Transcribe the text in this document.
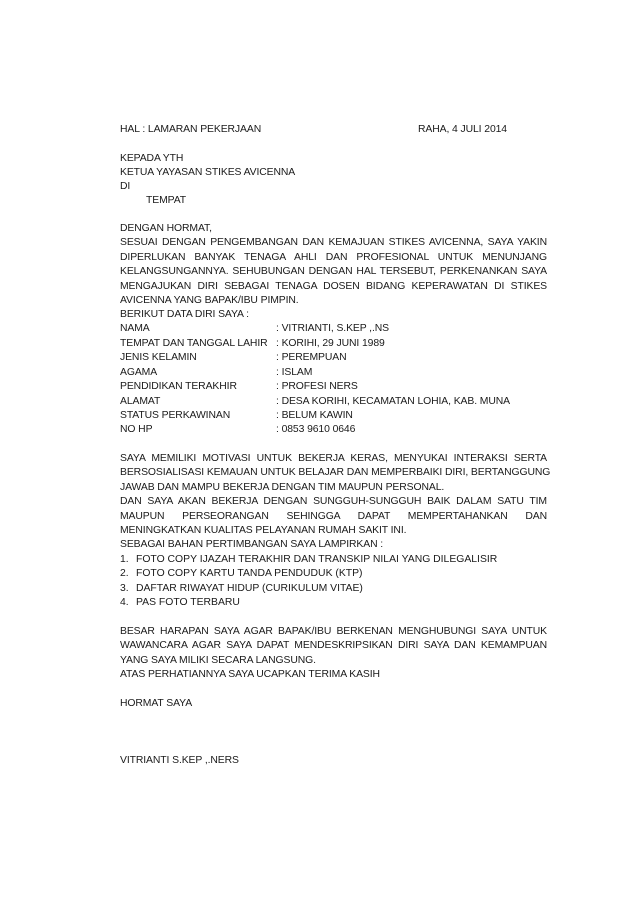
HAL : LAMARAN PEKERJAAN	RAHA, 4 JULI 2014
KEPADA YTH
KETUA YAYASAN STIKES AVICENNA
DI
TEMPAT
DENGAN HORMAT,
SESUAI DENGAN PENGEMBANGAN DAN KEMAJUAN STIKES AVICENNA, SAYA YAKIN
DIPERLUKAN BANYAK TENAGA AHLI DAN PROFESIONAL UNTUK MENUNJANG
KELANGSUNGANNYA. SEHUBUNGAN DENGAN HAL TERSEBUT, PERKENANKAN SAYA
MENGAJUKAN DIRI SEBAGAI TENAGA DOSEN BIDANG KEPERAWATAN DI STIKES
AVICENNA YANG BAPAK/IBU PIMPIN.
BERIKUT DATA DIRI SAYA :
NAMA	: VITRIANTI, S.KEP ,.NS
TEMPAT DAN TANGGAL LAHIR : KORIHI, 29 JUNI 1989
JENIS KELAMIN	: PEREMPUAN
AGAMA	: ISLAM
PENDIDIKAN TERAKHIR	: PROFESI NERS
ALAMAT	: DESA KORIHI, KECAMATAN LOHIA, KAB. MUNA
STATUS PERKAWINAN	: BELUM KAWIN
NO HP	: 0853 9610 0646
SAYA MEMILIKI MOTIVASI UNTUK BEKERJA KERAS, MENYUKAI INTERAKSI SERTA
BERSOSIALISASI KEMAUAN UNTUK BELAJAR DAN MEMPERBAIKI DIRI, BERTANGGUNG
JAWAB DAN MAMPU BEKERJA DENGAN TIM MAUPUN PERSONAL.
DAN SAYA AKAN BEKERJA DENGAN SUNGGUH-SUNGGUH BAIK DALAM SATU TIM
MAUPUN PERSEORANGAN SEHINGGA DAPAT MEMPERTAHANKAN DAN
MENINGKATKAN KUALITAS PELAYANAN RUMAH SAKIT INI.
SEBAGAI BAHAN PERTIMBANGAN SAYA LAMPIRKAN :
1. FOTO COPY IJAZAH TERAKHIR DAN TRANSKIP NILAI YANG DILEGALISIR
2. FOTO COPY KARTU TANDA PENDUDUK (KTP)
3. DAFTAR RIWAYAT HIDUP (CURIKULUM VITAE)
4. PAS FOTO TERBARU
BESAR HARAPAN SAYA AGAR BAPAK/IBU BERKENAN MENGHUBUNGI SAYA UNTUK
WAWANCARA AGAR SAYA DAPAT MENDESKRIPSIKAN DIRI SAYA DAN KEMAMPUAN
YANG SAYA MILIKI SECARA LANGSUNG.
ATAS PERHATIANNYA SAYA UCAPKAN TERIMA KASIH
HORMAT SAYA
VITRIANTI S.KEP ,.NERS
